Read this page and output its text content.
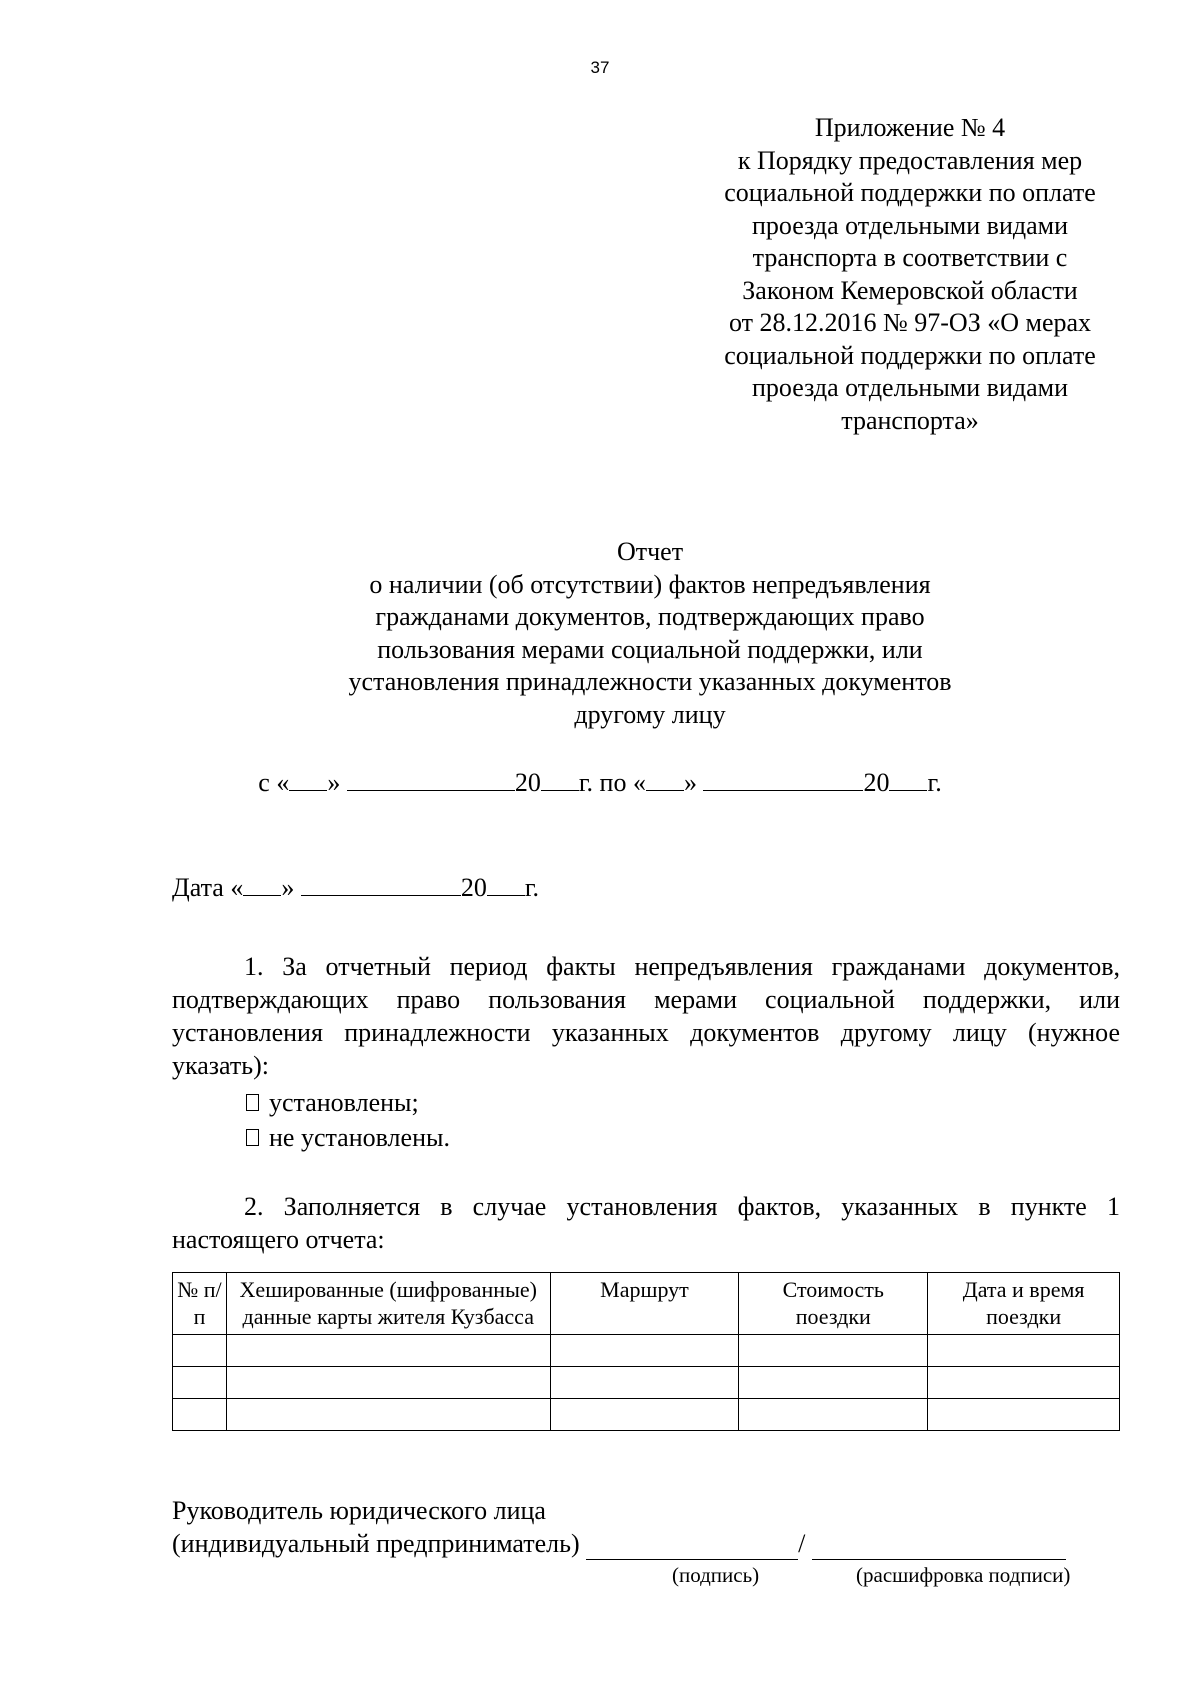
37
Приложение № 4
к Порядку предоставления мер
социальной поддержки по оплате
проезда отдельными видами
транспорта в соответствии с
Законом Кемеровской области
от 28.12.2016 № 97-ОЗ «О мерах
социальной поддержки по оплате
проезда отдельными видами
транспорта»
Отчет
о наличии (об отсутствии) фактов непредъявления
гражданами документов, подтверждающих право
пользования мерами социальной поддержки, или
установления принадлежности указанных документов
другому лицу
с « »	20 г. по « »	20 г.
Дата « »	20 г.
1. За отчетный период факты непредъявления гражданами документов,
подтверждающих право пользования мерами социальной поддержки, или
установления принадлежности указанных документов другому лицу (нужное
указать):
установлены;
не установлены.
2. Заполняется в случае установления фактов, указанных в пункте 1
настоящего отчета:
№ п/п	Хешированные (шифрованные) данные карты жителя Кузбасса	Маршрут	Стоимость поездки	Дата и время поездки

Руководитель юридического лица
(индивидуальный предприниматель)
	/

(подпись)	(расшифровка подписи)
